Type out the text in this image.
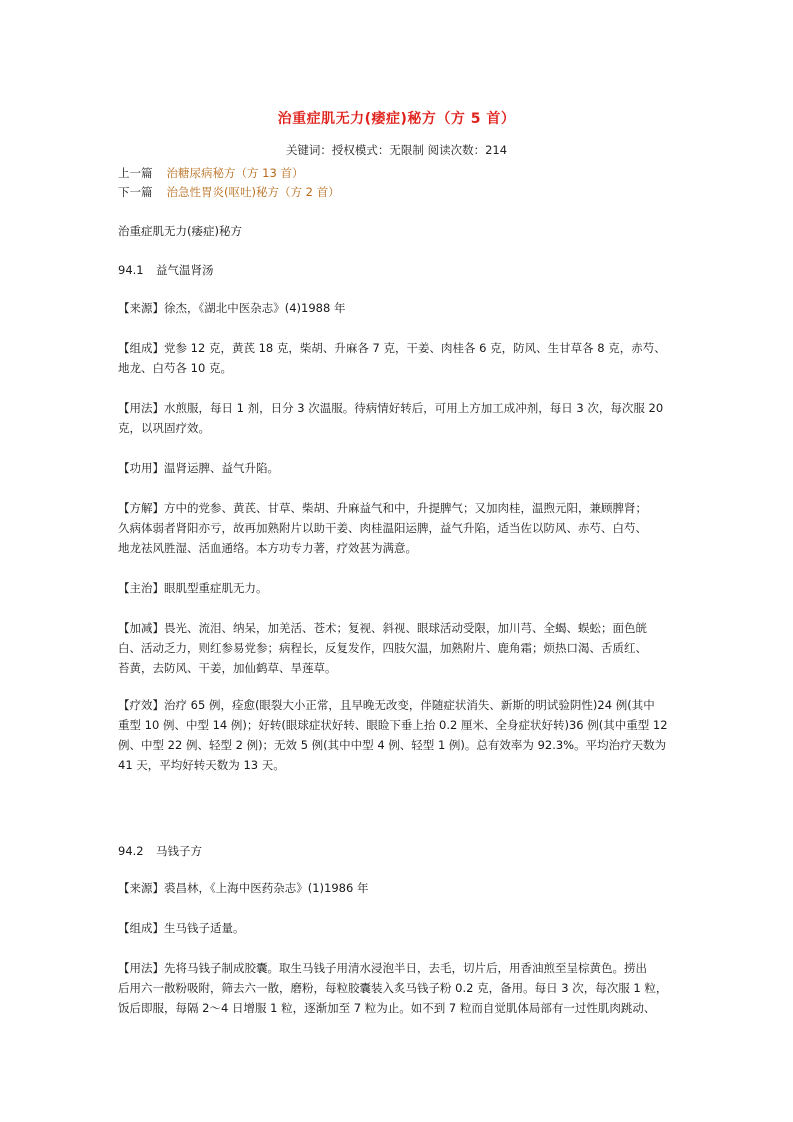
治重症肌无力(痿症)秘方（方 5 首）
关键词：授权模式：无限制 阅读次数：214
上一篇 治糖尿病秘方（方 13 首）
下一篇 治急性胃炎(呕吐)秘方（方 2 首）
治重症肌无力(痿症)秘方
94.1 益气温肾汤
【来源】徐杰，《湖北中医杂志》(4)1988 年
【组成】党参 12 克，黄芪 18 克，柴胡、升麻各 7 克，干姜、肉桂各 6 克，防风、生甘草各 8 克，赤芍、
地龙、白芍各 10 克。
【用法】水煎服，每日 1 剂，日分 3 次温服。待病情好转后，可用上方加工成冲剂，每日 3 次，每次服 20
克，以巩固疗效。
【功用】温肾运脾、益气升陷。
【方解】方中的党参、黄芪、甘草、柴胡、升麻益气和中，升提脾气；又加肉桂，温煦元阳，兼顾脾肾；
久病体弱者肾阳亦亏，故再加熟附片以助干姜、肉桂温阳运脾，益气升陷，适当佐以防风、赤芍、白芍、
地龙祛风胜湿、活血通络。本方功专力著，疗效甚为满意。
【主治】眼肌型重症肌无力。
【加减】畏光、流泪、纳呆，加羌活、苍术；复视、斜视、眼球活动受限，加川芎、全蝎、蜈蚣；面色㿠
白、活动乏力，则红参易党参；病程长，反复发作，四肢欠温，加熟附片、鹿角霜；烦热口渴、舌质红、
苔黄，去防风、干姜，加仙鹤草、旱莲草。
【疗效】治疗 65 例，痊愈(眼裂大小正常，且早晚无改变，伴随症状消失、新斯的明试验阴性)24 例(其中
重型 10 例、中型 14 例)；好转(眼球症状好转、眼睑下垂上抬 0.2 厘米、全身症状好转)36 例(其中重型 12
例、中型 22 例、轻型 2 例)；无效 5 例(其中中型 4 例、轻型 1 例)。总有效率为 92.3%。平均治疗天数为
41 天，平均好转天数为 13 天。
94.2 马钱子方
【来源】裘昌林，《上海中医药杂志》(1)1986 年
【组成】生马钱子适量。
【用法】先将马钱子制成胶囊。取生马钱子用清水浸泡半日，去毛，切片后，用香油煎至呈棕黄色。捞出
后用六一散粉吸附，筛去六一散，磨粉，每粒胶囊装入炙马钱子粉 0.2 克，备用。每日 3 次，每次服 1 粒，
饭后即服，每隔 2～4 日增服 1 粒，逐渐加至 7 粒为止。如不到 7 粒而自觉肌体局部有一过性肌肉跳动、
